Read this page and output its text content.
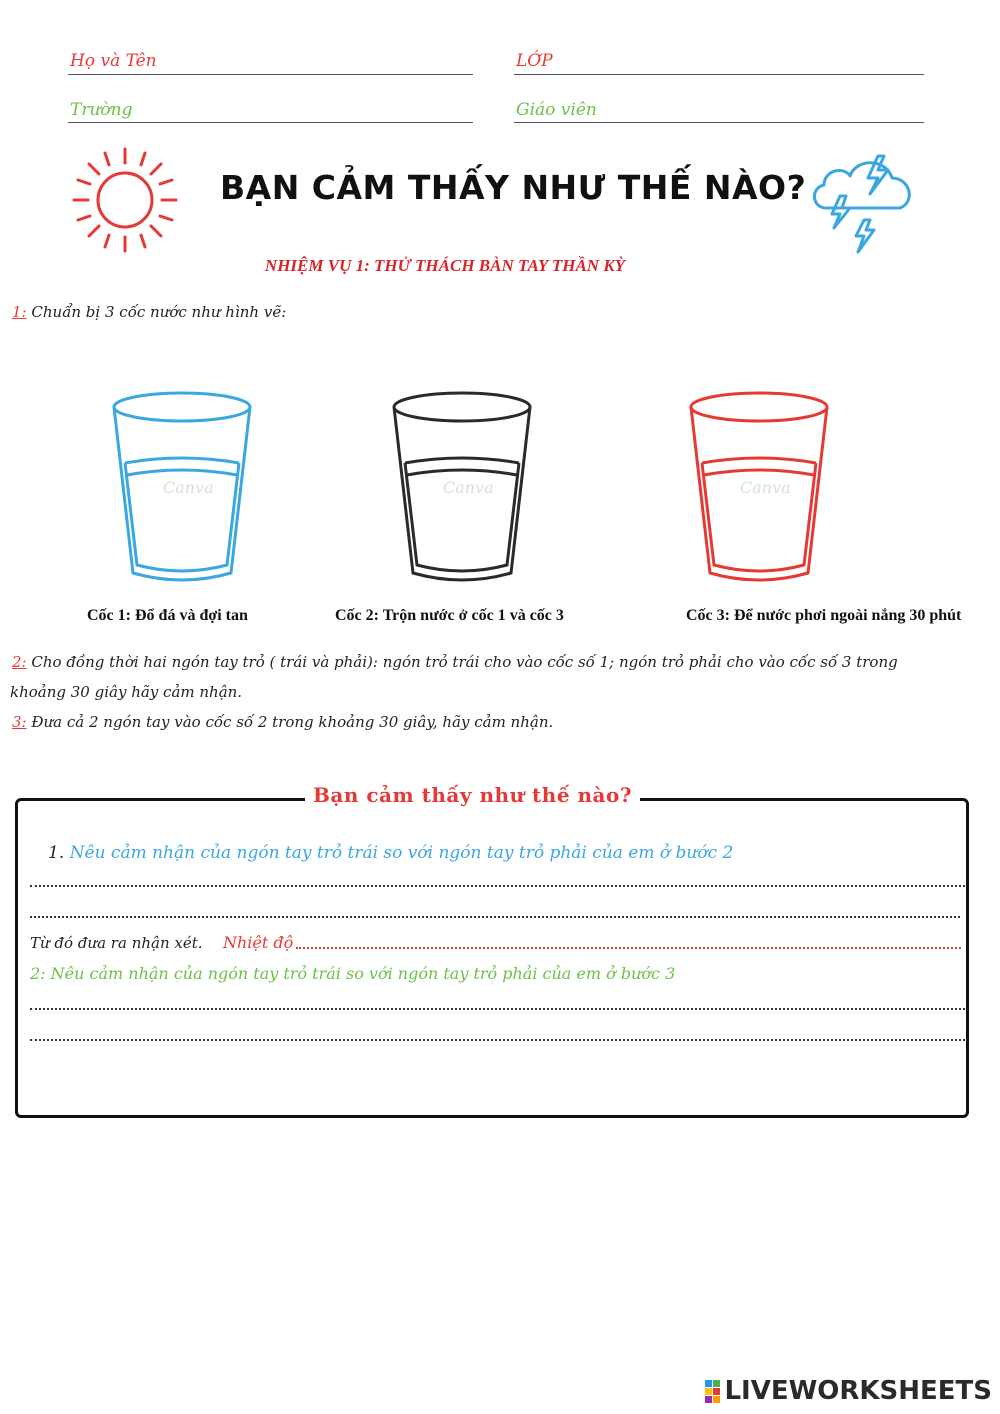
Họ và Tên	LỚP
Trường	Giáo viên
BẠN CẢM THẤY NHƯ THẾ NÀO?
NHIỆM VỤ 1: THỬ THÁCH BÀN TAY THẦN KỲ
1: Chuẩn bị 3 cốc nước như hình vẽ:
Canva	Canva	Canva
Cốc 1: Đổ đá và đợi tan	Cốc 2: Trộn nước ở cốc 1 và cốc 3	Cốc 3: Để nước phơi ngoài nắng 30 phút
2: Cho đồng thời hai ngón tay trỏ ( trái và phải): ngón trỏ trái cho vào cốc số 1; ngón trỏ phải cho vào cốc số 3 trong
khoảng 30 giây hãy cảm nhận.
3: Đưa cả 2 ngón tay vào cốc số 2 trong khoảng 30 giây, hãy cảm nhận.
Bạn cảm thấy như thế nào?
1. Nêu cảm nhận của ngón tay trỏ trái so với ngón tay trỏ phải của em ở bước 2
Từ đó đưa ra nhận xét. Nhiệt độ
2: Nêu cảm nhận của ngón tay trỏ trái so với ngón tay trỏ phải của em ở bước 3
LIVEWORKSHEETS
